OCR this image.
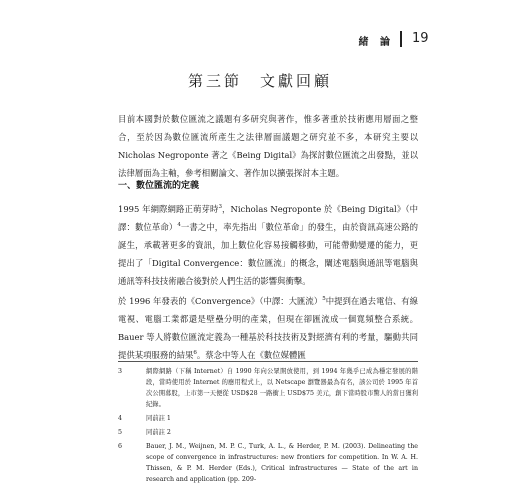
緒 論 19
第三節　文獻回顧

目前本國對於數位匯流之議題有多研究與著作，惟多著重於技術應用層面之整合，至於因為數位匯流所產生之法律層面議題之研究並不多，本研究主要以 Nicholas Negroponte 著之《Being Digital》為探討數位匯流之出發點，並以法律層面為主軸，參考相關論文、著作加以擴張探討本主題。

一、數位匯流的定義

1995 年網際網路正萌芽時$^3$，Nicholas Negroponte 於《Being Digital》（中譯：數位革命）$^4$一書之中，率先指出「數位革命」的發生，由於資訊高速公路的誕生，承載著更多的資訊，加上數位化容易接觸移動，可能帶動變遷的能力，更提出了「Digital Convergence：數位匯流」的概念，闡述電腦與通訊等電腦與通訊等科技技術融合後對於人們生活的影響與衝擊。

於 1996 年發表的《Convergence》（中譯：大匯流）$^5$中提到在過去電信、有線電視、電腦工業都還是壁壘分明的產業，但現在卻匯流成一個寬頻整合系統。Bauer 等人將數位匯流定義為一種基於科技技術及對經濟有利的考量，驅動共同提供某項服務的結果$^6$。蔡念中等人在《數位媒體匯

3	網際網路（下稱 Internet）自 1990 年向公眾開放使用，到 1994 年幾乎已成為穩定發展的階段，當時使用於 Internet 的應用程式上，以 Netscape 瀏覽器最為有名，該公司於 1995 年首次公開募股，上市第一天便從 USD$28 一路衝上 USD$75 美元，創下當時股市驚人的當日獲利紀錄。

4	同前註 1

5	同前註 2

6	Bauer, J. M., Weijnen, M. P. C., Turk, A. L., & Herder, P. M. (2003). Delineating the scope of convergence in infrastructures: new frontiers for competition. In W. A. H. Thissen, & P. M. Herder (Eds.), Critical infrastructures — State of the art in research and application (pp. 209-
